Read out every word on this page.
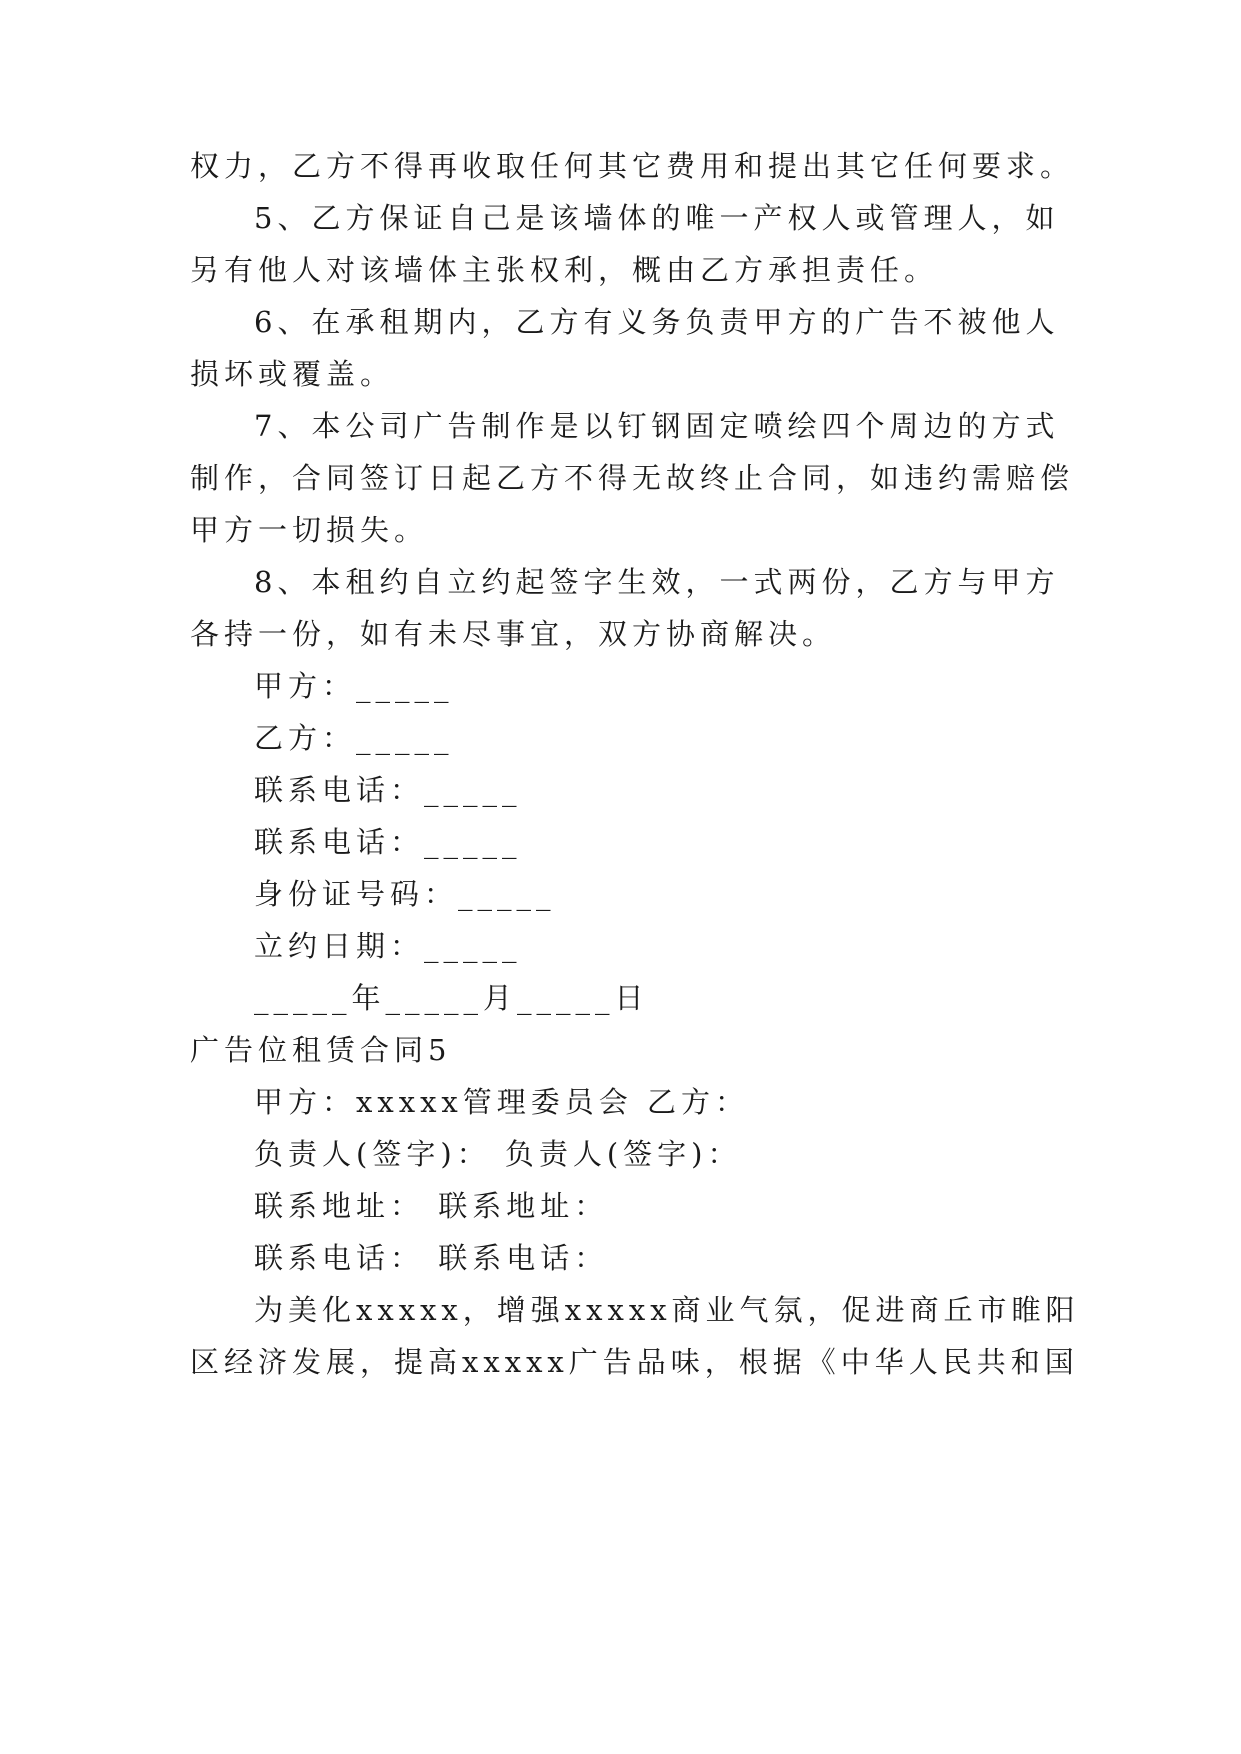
权力，乙方不得再收取任何其它费用和提出其它任何要求。
5、乙方保证自己是该墙体的唯一产权人或管理人，如
另有他人对该墙体主张权利，概由乙方承担责任。
6、在承租期内，乙方有义务负责甲方的广告不被他人
损坏或覆盖。
7、本公司广告制作是以钉钢固定喷绘四个周边的方式
制作，合同签订日起乙方不得无故终止合同，如违约需赔偿
甲方一切损失。
8、本租约自立约起签字生效，一式两份，乙方与甲方
各持一份，如有未尽事宜，双方协商解决。
甲方：_____
乙方：_____
联系电话：_____
联系电话：_____
身份证号码：_____
立约日期：_____
_____年_____月_____日
广告位租赁合同5
甲方：xxxxx管理委员会 乙方：
负责人(签字)： 负责人(签字)：
联系地址： 联系地址：
联系电话： 联系电话：
为美化xxxxx，增强xxxxx商业气氛，促进商丘市睢阳
区经济发展，提高xxxxx广告品味，根据《中华人民共和国
